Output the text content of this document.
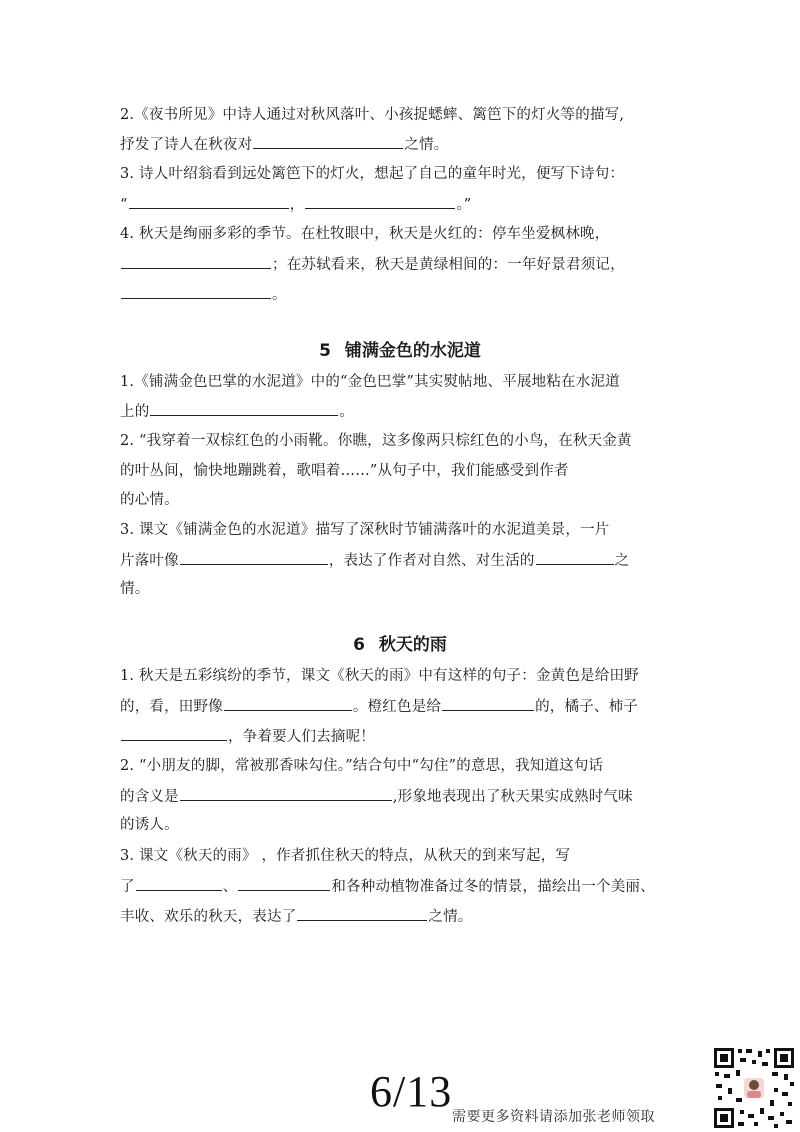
2.《夜书所见》中诗人通过对秋风落叶、小孩捉蟋蟀、篱笆下的灯火等的描写,
抒发了诗人在秋夜对	之情。
3. 诗人叶绍翁看到远处篱笆下的灯火，想起了自己的童年时光，便写下诗句：
“	，	。”
4. 秋天是绚丽多彩的季节。在杜牧眼中，秋天是火红的：停车坐爱枫林晚，
；在苏轼看来，秋天是黄绿相间的：一年好景君须记，
。
5 铺满金色的水泥道
1.《铺满金色巴掌的水泥道》中的“金色巴掌”其实熨帖地、平展地粘在水泥道
上的	。
2. “我穿着一双棕红色的小雨靴。你瞧，这多像两只棕红色的小鸟，在秋天金黄
的叶丛间，愉快地蹦跳着，歌唱着……”从句子中，我们能感受到作者
的心情。
3. 课文《铺满金色的水泥道》描写了深秋时节铺满落叶的水泥道美景，一片
片落叶像	，表达了作者对自然、对生活的	之
情。
6 秋天的雨
1. 秋天是五彩缤纷的季节，课文《秋天的雨》中有这样的句子：金黄色是给田野
的，看，田野像	。橙红色是给	的，橘子、柿子
，争着要人们去摘呢！
2. “小朋友的脚，常被那香味勾住。”结合句中“勾住”的意思，我知道这句话
的含义是	,形象地表现出了秋天果实成熟时气味
的诱人。
3. 课文《秋天的雨》 ，作者抓住秋天的特点，从秋天的到来写起，写
了	、	和各种动植物准备过冬的情景，描绘出一个美丽、
丰收、欢乐的秋天，表达了	之情。
6/13
需要更多资料请添加张老师领取
